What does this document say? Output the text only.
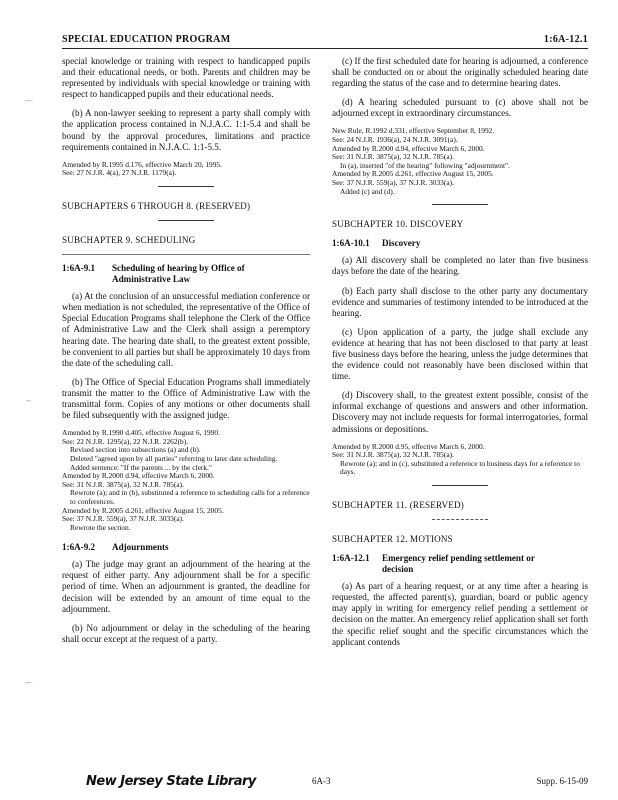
SPECIAL EDUCATION PROGRAM	1:6A-12.1
⌒
~
⌒

special knowledge or training with respect to handicapped pupils and their educational needs, or both. Parents and children may be represented by individuals with special knowledge or training with respect to handicapped pupils and their educational needs.

(b) A non-lawyer seeking to represent a party shall comply with the application process contained in N.J.A.C. 1:1-5.4 and shall be bound by the approval procedures, limitations and practice requirements contained in N.J.A.C. 1:1-5.5.

Amended by R.1995 d.176, effective March 20, 1995.
See: 27 N.J.R. 4(a), 27 N.J.R. 1179(a).
SUBCHAPTERS 6 THROUGH 8. (RESERVED)
SUBCHAPTER 9. SCHEDULING
1:6A-9.1 Scheduling of hearing by Office of
Administrative Law

(a) At the conclusion of an unsuccessful mediation conference or when mediation is not scheduled, the representative of the Office of Special Education Programs shall telephone the Clerk of the Office of Administrative Law and the Clerk shall assign a peremptory hearing date. The hearing date shall, to the greatest extent possible, be convenient to all parties but shall be approximately 10 days from the date of the scheduling call.

(b) The Office of Special Education Programs shall immediately transmit the matter to the Office of Administrative Law with the transmittal form. Copies of any motions or other documents shall be filed subsequently with the assigned judge.

Amended by R.1990 d.405, effective August 6, 1990.
See: 22 N.J.R. 1295(a), 22 N.J.R. 2262(b).
Revised section into subsections (a) and (b).
Deleted "agreed upon by all parties" referring to later date scheduling.
Added sentence: "If the parents ... by the clerk."
Amended by R.2000 d.94, effective March 6, 2000.
See: 31 N.J.R. 3875(a), 32 N.J.R. 785(a).
Rewrote (a); and in (b), substituted a reference to scheduling calls for a reference to conferences.
Amended by R.2005 d.261, effective August 15, 2005.
See: 37 N.J.R. 559(a), 37 N.J.R. 3033(a).
Rewrote the section.
1:6A-9.2 Adjournments

(a) The judge may grant an adjournment of the hearing at the request of either party. Any adjournment shall be for a specific period of time. When an adjournment is granted, the deadline for decision will be extended by an amount of time equal to the adjournment.

(b) No adjournment or delay in the scheduling of the hearing shall occur except at the request of a party.

(c) If the first scheduled date for hearing is adjourned, a conference shall be conducted on or about the originally scheduled hearing date regarding the status of the case and to determine hearing dates.

(d) A hearing scheduled pursuant to (c) above shall not be adjourned except in extraordinary circumstances.

New Rule, R.1992 d.331, effective September 8, 1992.
See: 24 N.J.R. 1936(a), 24 N.J.R. 3091(a).
Amended by R.2000 d.94, effective March 6, 2000.
See: 31 N.J.R. 3875(a), 32 N.J.R. 785(a).
In (a), inserted "of the hearing" following "adjournment".
Amended by R.2005 d.261, effective August 15, 2005.
See: 37 N.J.R. 559(a), 37 N.J.R. 3033(a).
Added (c) and (d).
SUBCHAPTER 10. DISCOVERY
1:6A-10.1 Discovery

(a) All discovery shall be completed no later than five business days before the date of the hearing.

(b) Each party shall disclose to the other party any documentary evidence and summaries of testimony intended to be introduced at the hearing.

(c) Upon application of a party, the judge shall exclude any evidence at hearing that has not been disclosed to that party at least five business days before the hearing, unless the judge determines that the evidence could not reasonably have been disclosed within that time.

(d) Discovery shall, to the greatest extent possible, consist of the informal exchange of questions and answers and other information. Discovery may not include requests for formal interrogatories, formal admissions or depositions.

Amended by R.2000 d.95, effective March 6, 2000.
See: 31 N.J.R. 3875(a), 32 N.J.R. 785(a).
Rewrote (a); and in (c), substituted a reference to business days for a reference to days.
SUBCHAPTER 11. (RESERVED)
SUBCHAPTER 12. MOTIONS
1:6A-12.1 Emergency relief pending settlement or
decision

(a) As part of a hearing request, or at any time after a hearing is requested, the affected parent(s), guardian, board or public agency may apply in writing for emergency relief pending a settlement or decision on the matter. An emergency relief application shall set forth the specific relief sought and the specific circumstances which the applicant contends

New Jersey State Library	6A-3	Supp. 6-15-09
